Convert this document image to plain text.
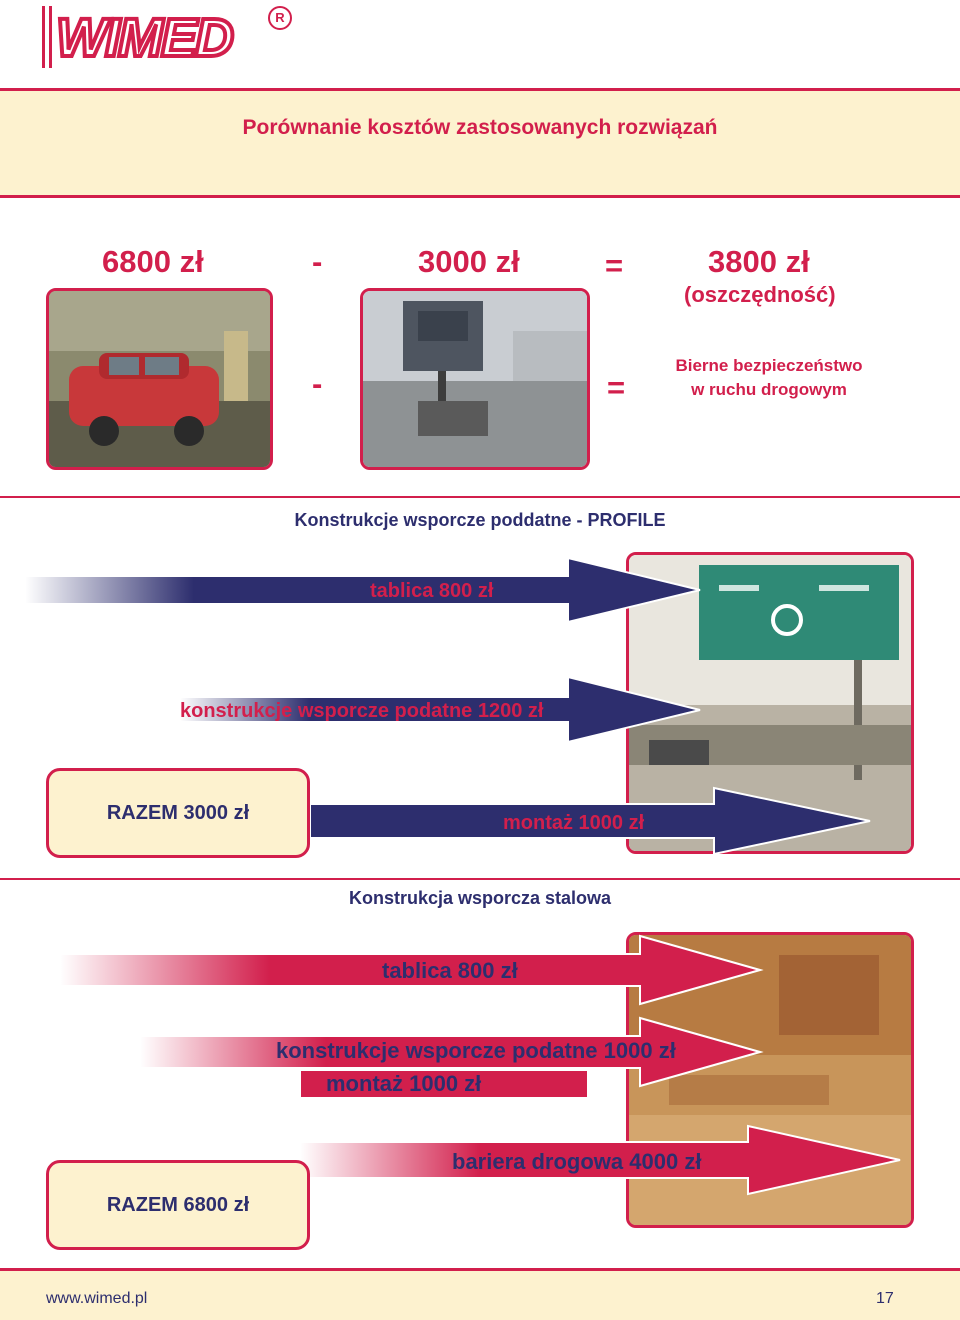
WIMED	R
Porównanie kosztów zastosowanych rozwiązań
6800 zł	-	3000 zł	=	3800 zł
(oszczędność)
-	=
Bierne bezpieczeństwo
w ruchu drogowym
Konstrukcje wsporcze poddatne - PROFILE
tablica 800 zł
konstrukcje wsporcze podatne 1200 zł
montaż 1000 zł
RAZEM 3000 zł
Konstrukcja wsporcza stalowa
tablica 800 zł
konstrukcje wsporcze podatne 1000 zł
montaż 1000 zł
bariera drogowa 4000 zł
RAZEM 6800 zł
www.wimed.pl	17
